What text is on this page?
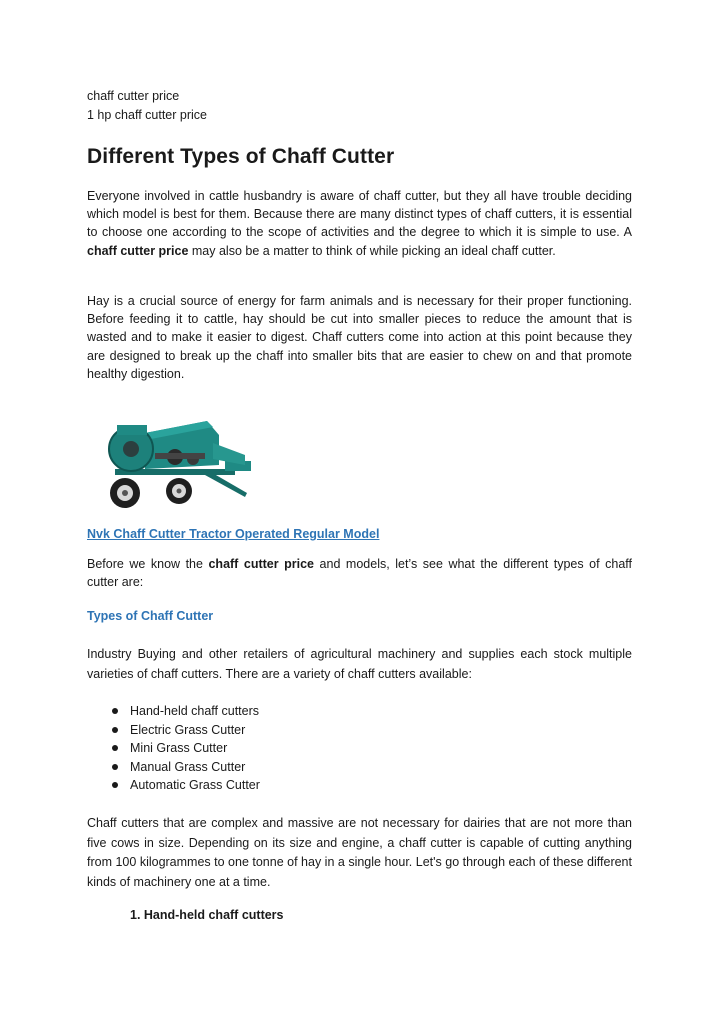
chaff cutter price

1 hp chaff cutter price

Different Types of Chaff Cutter

Everyone involved in cattle husbandry is aware of chaff cutter, but they all have trouble deciding which model is best for them. Because there are many distinct types of chaff cutters, it is essential to choose one according to the scope of activities and the degree to which it is simple to use. A chaff cutter price may also be a matter to think of while picking an ideal chaff cutter.

Hay is a crucial source of energy for farm animals and is necessary for their proper functioning. Before feeding it to cattle, hay should be cut into smaller pieces to reduce the amount that is wasted and to make it easier to digest. Chaff cutters come into action at this point because they are designed to break up the chaff into smaller bits that are easier to chew on and that promote healthy digestion.

Nvk Chaff Cutter Tractor Operated Regular Model

Before we know the chaff cutter price and models, let’s see what the different types of chaff cutter are:

Types of Chaff Cutter

Industry Buying and other retailers of agricultural machinery and supplies each stock multiple varieties of chaff cutters. There are a variety of chaff cutters available:

Hand-held chaff cutters
Electric Grass Cutter
Mini Grass Cutter
Manual Grass Cutter
Automatic Grass Cutter

Chaff cutters that are complex and massive are not necessary for dairies that are not more than five cows in size. Depending on its size and engine, a chaff cutter is capable of cutting anything from 100 kilogrammes to one tonne of hay in a single hour. Let's go through each of these different kinds of machinery one at a time.

1. Hand-held chaff cutters
